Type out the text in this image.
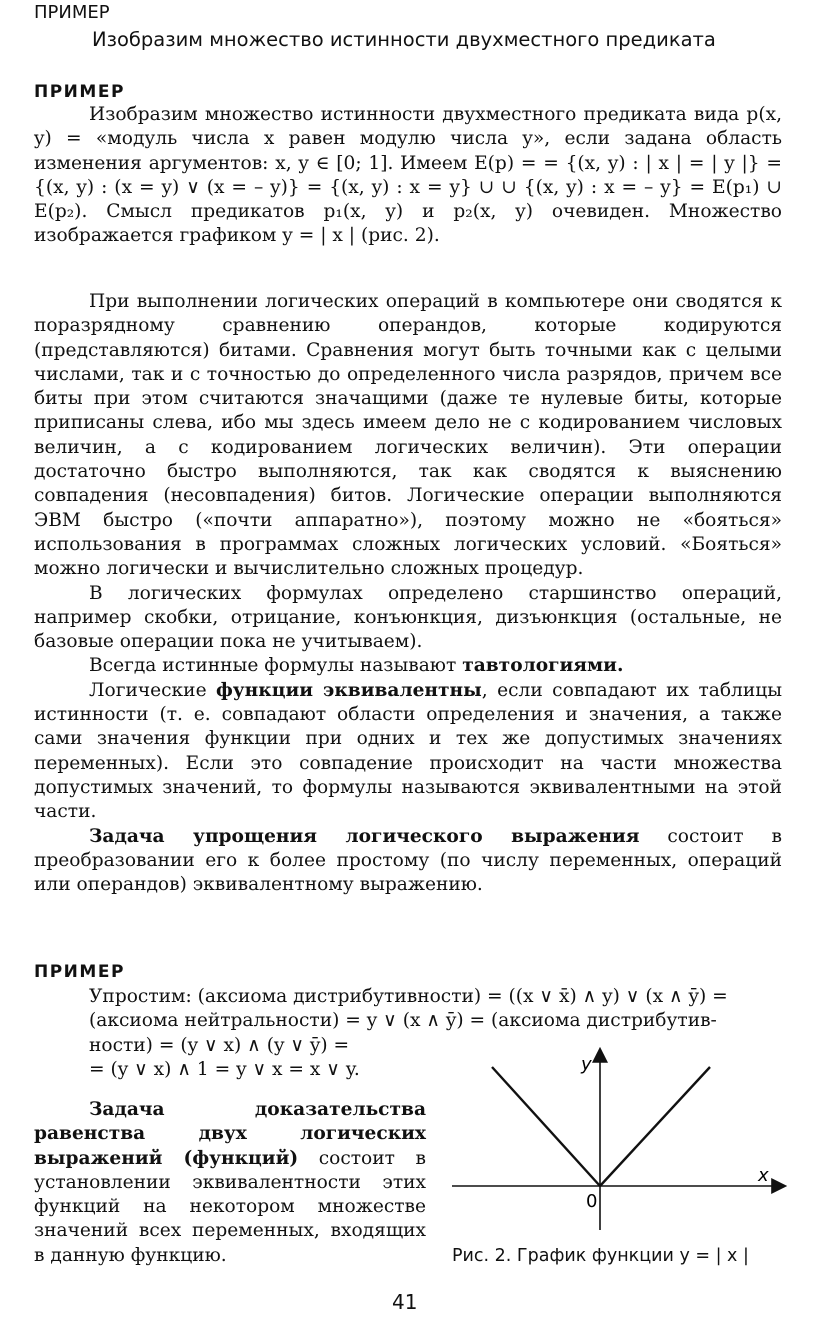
ПРИМЕР
Изобразим множество истинности двухместного предиката
ПРИМЕР

Изобразим множество истинности двухместного предиката вида p(x, y) = «модуль числа x равен модулю числа y», если задана область изменения аргументов: x, y ∈ [0; 1]. Имеем E(p) = = {(x, y) : | x | = | y |} = {(x, y) : (x = y) ∨ (x = – y)} = {(x, y) : x = y} ∪ ∪ {(x, y) : x = – y} = E(p₁) ∪ E(p₂). Смысл предикатов p₁(x, y) и p₂(x, y) очевиден. Множество изображается графиком y = | x | (рис. 2).

При выполнении логических операций в компьютере они сводятся к поразрядному сравнению операндов, которые кодируются (представляются) битами. Сравнения могут быть точными как с целыми числами, так и с точностью до определенного числа разрядов, причем все биты при этом считаются значащими (даже те нулевые биты, которые приписаны слева, ибо мы здесь имеем дело не с кодированием числовых величин, а с кодированием логических величин). Эти операции достаточно быстро выполняются, так как сводятся к выяснению совпадения (несовпадения) битов. Логические операции выполняются ЭВМ быстро («почти аппаратно»), поэтому можно не «бояться» использования в программах сложных логических условий. «Бояться» можно логически и вычислительно сложных процедур.

В логических формулах определено старшинство операций, например скобки, отрицание, конъюнкция, дизъюнкция (остальные, не базовые операции пока не учитываем).

Всегда истинные формулы называют тавтологиями.

Логические функции эквивалентны, если совпадают их таблицы истинности (т. е. совпадают области определения и значения, а также сами значения функции при одних и тех же допустимых значениях переменных). Если это совпадение происходит на части множества допустимых значений, то формулы называются эквивалентными на этой части.

Задача упрощения логического выражения состоит в преобразовании его к более простому (по числу переменных, операций или операндов) эквивалентному выражению.

ПРИМЕР
Упростим: (аксиома дистрибутивности) = ((x ∨ x̄) ∧ y) ∨ (x ∧ ȳ) =
(аксиома нейтральности) = y ∨ (x ∧ ȳ) = (аксиома дистрибутив-
ности) = (y ∨ x) ∧ (y ∨ ȳ) =
= (y ∨ x) ∧ 1 = y ∨ x = x ∨ y.

Задача доказательства равенства двух логических выражений (функций) состоит в установлении эквивалентности этих функций на некотором множестве значений всех переменных, входящих в данную функцию.

y
x
0
Рис. 2. График функции y = | x |
41
